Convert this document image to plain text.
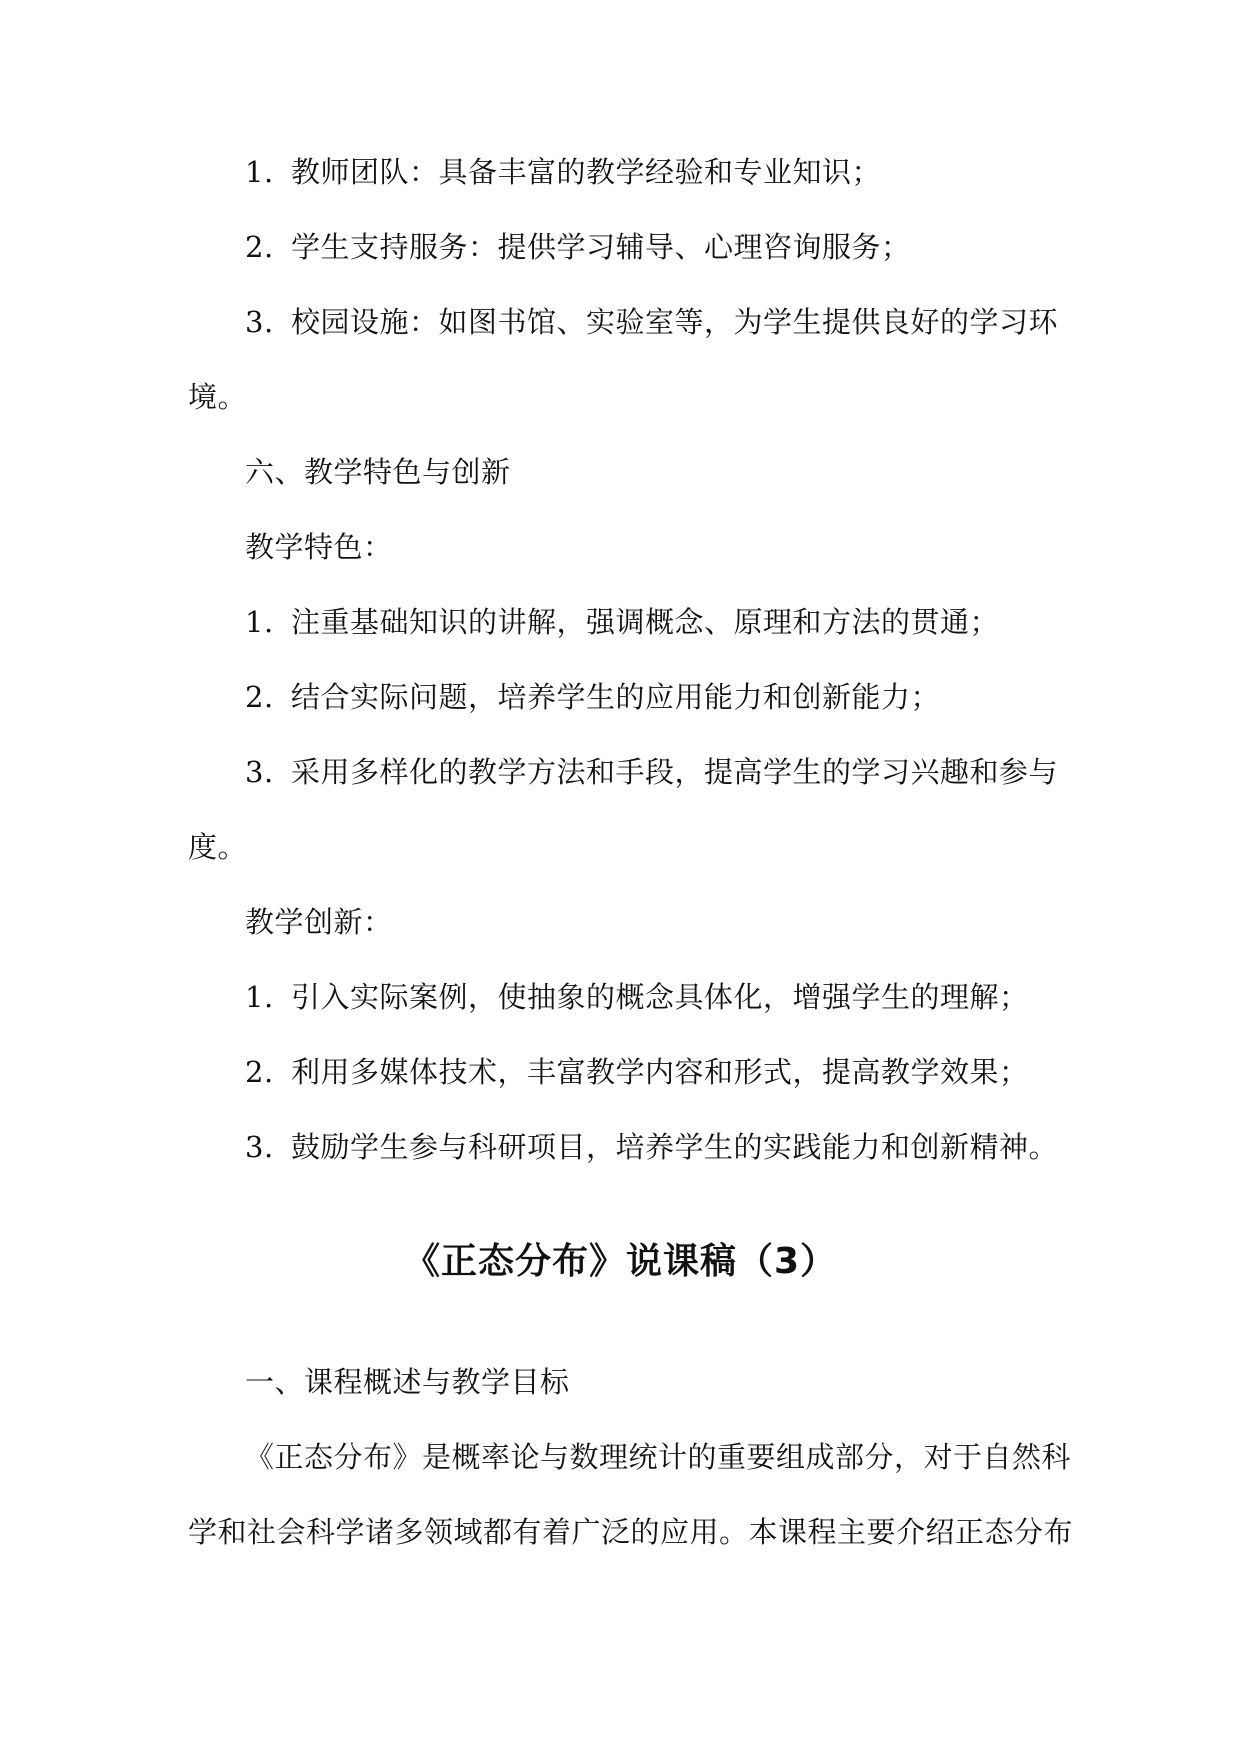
1. 教师团队：具备丰富的教学经验和专业知识；
2. 学生支持服务：提供学习辅导、心理咨询服务；
3. 校园设施：如图书馆、实验室等，为学生提供良好的学习环
境。
六、教学特色与创新
教学特色：
1. 注重基础知识的讲解，强调概念、原理和方法的贯通；
2. 结合实际问题，培养学生的应用能力和创新能力；
3. 采用多样化的教学方法和手段，提高学生的学习兴趣和参与
度。
教学创新：
1. 引入实际案例，使抽象的概念具体化，增强学生的理解；
2. 利用多媒体技术，丰富教学内容和形式，提高教学效果；
3. 鼓励学生参与科研项目，培养学生的实践能力和创新精神。
《正态分布》说课稿（3）
一、课程概述与教学目标
《正态分布》是概率论与数理统计的重要组成部分，对于自然科
学和社会科学诸多领域都有着广泛的应用。本课程主要介绍正态分布
